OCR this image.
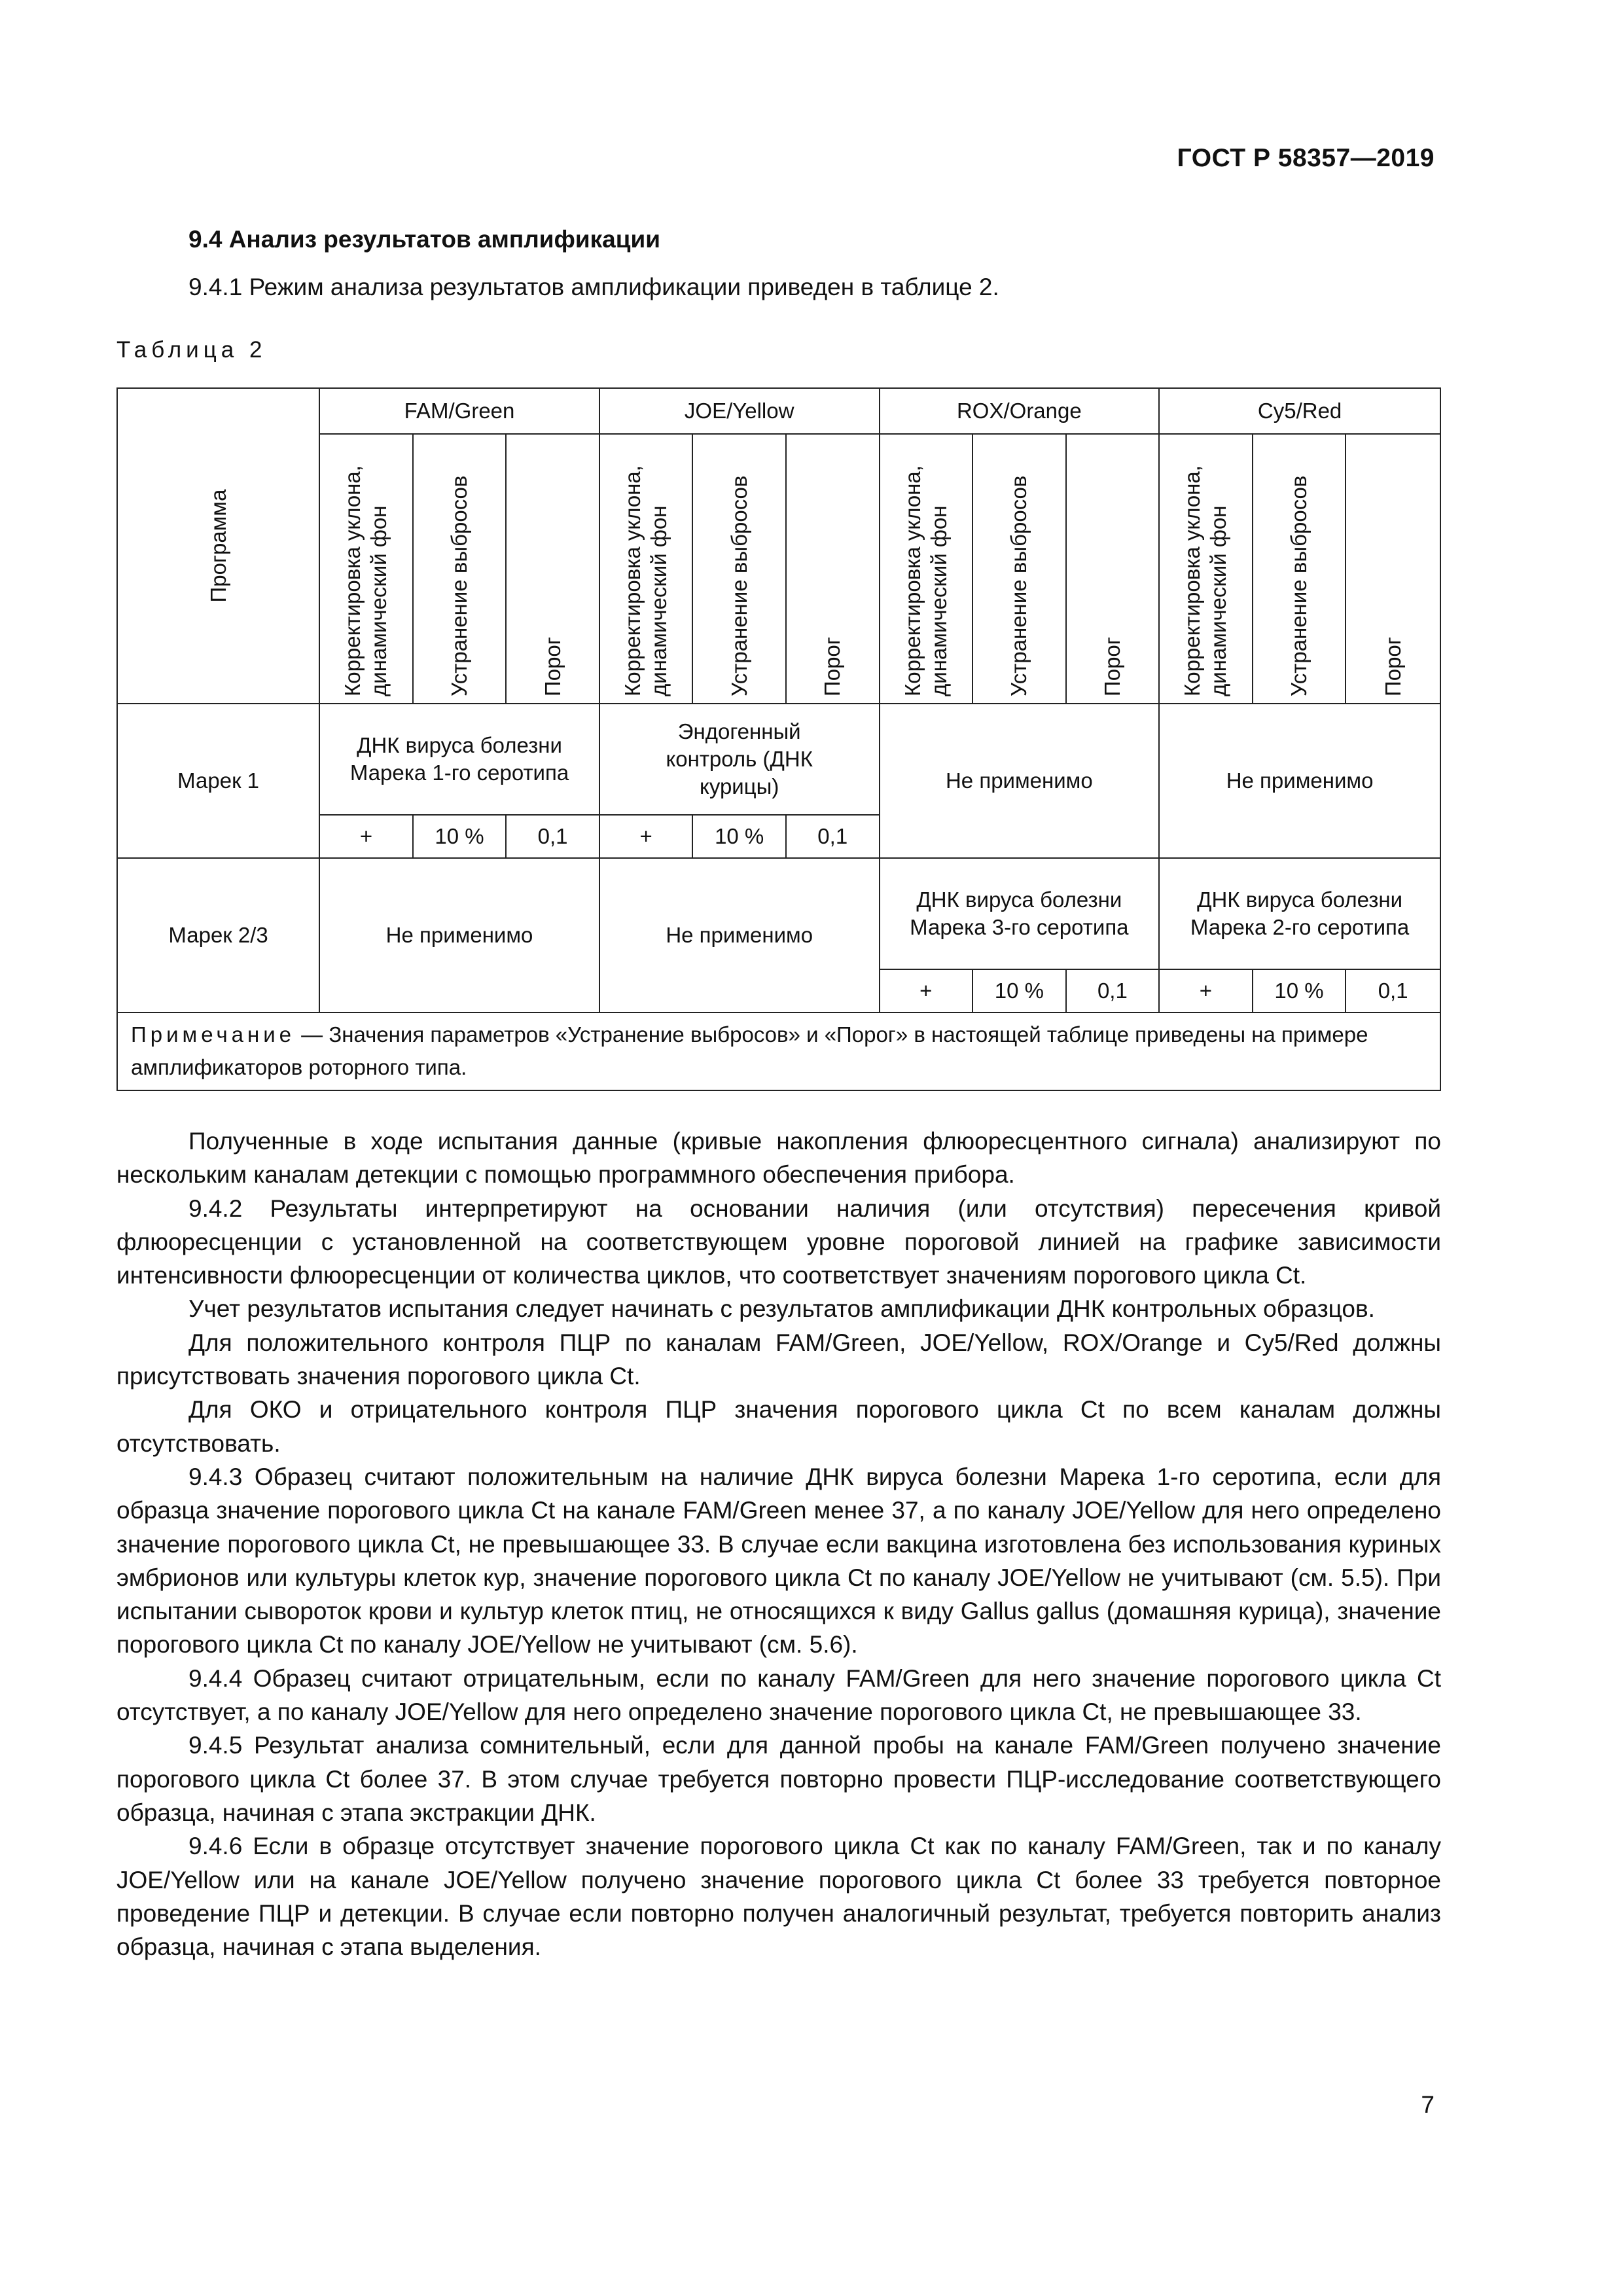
ГОСТ Р 58357—2019
9.4 Анализ результатов амплификации
9.4.1 Режим анализа результатов амплификации приведен в таблице 2.
Таблица 2
Программа	FAM/Green			JOE/Yellow			ROX/Orange			Cy5/Red		

	Корректировка уклона, динамический фон	Устранение выбросов	Порог	Корректировка уклона, динамический фон	Устранение выбросов	Порог	Корректировка уклона, динамический фон	Устранение выбросов	Порог	Корректировка уклона, динамический фон	Устранение выбросов	Порог

Марек 1	ДНК вируса болезни Марека 1-го серотипа			Эндогенный контроль (ДНК курицы)			Не применимо			Не применимо		
	+	10 %	0,1	+	10 %	0,1						
Марек 2/3	Не применимо			Не применимо			ДНК вируса болезни Марека 3-го серотипа			ДНК вируса болезни Марека 2-го серотипа		
							+	10 %	0,1	+	10 %	0,1
Примечание — Значения параметров «Устранение выбросов» и «Порог» в настоящей таблице приведены на примере амплификаторов роторного типа.												

Полученные в ходе испытания данные (кривые накопления флюоресцентного сигнала) анализируют по нескольким каналам детекции с помощью программного обеспечения прибора.

9.4.2 Результаты интерпретируют на основании наличия (или отсутствия) пересечения кривой флюоресценции с установленной на соответствующем уровне пороговой линией на графике зависимости интенсивности флюоресценции от количества циклов, что соответствует значениям порогового цикла Ct.

Учет результатов испытания следует начинать с результатов амплификации ДНК контрольных образцов.

Для положительного контроля ПЦР по каналам FAM/Green, JOE/Yellow, ROX/Orange и Cy5/Red должны присутствовать значения порогового цикла Ct.

Для ОКО и отрицательного контроля ПЦР значения порогового цикла Ct по всем каналам должны отсутствовать.

9.4.3 Образец считают положительным на наличие ДНК вируса болезни Марека 1-го серотипа, если для образца значение порогового цикла Ct на канале FAM/Green менее 37, а по каналу JOE/Yellow для него определено значение порогового цикла Ct, не превышающее 33. В случае если вакцина изготовлена без использования куриных эмбрионов или культуры клеток кур, значение порогового цикла Ct по каналу JOE/Yellow не учитывают (см. 5.5). При испытании сывороток крови и культур клеток птиц, не относящихся к виду Gallus gallus (домашняя курица), значение порогового цикла Ct по каналу JOE/Yellow не учитывают (см. 5.6).

9.4.4 Образец считают отрицательным, если по каналу FAM/Green для него значение порогового цикла Ct отсутствует, а по каналу JOE/Yellow для него определено значение порогового цикла Ct, не превышающее 33.

9.4.5 Результат анализа сомнительный, если для данной пробы на канале FAM/Green получено значение порогового цикла Ct более 37. В этом случае требуется повторно провести ПЦР-исследование соответствующего образца, начиная с этапа экстракции ДНК.

9.4.6 Если в образце отсутствует значение порогового цикла Ct как по каналу FAM/Green, так и по каналу JOE/Yellow или на канале JOE/Yellow получено значение порогового цикла Ct более 33 требуется повторное проведение ПЦР и детекции. В случае если повторно получен аналогичный результат, требуется повторить анализ образца, начиная с этапа выделения.

7
